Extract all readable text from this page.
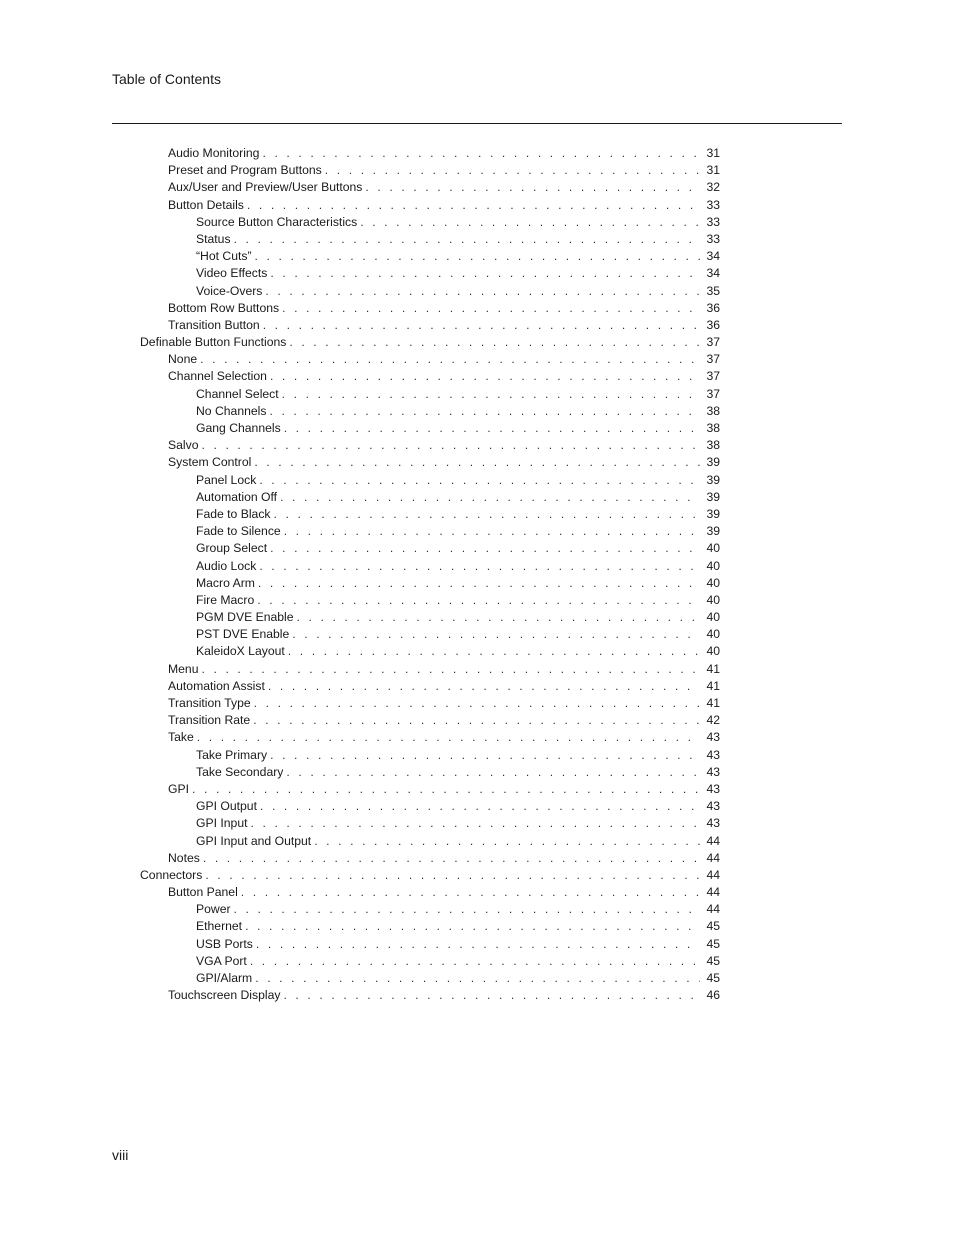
Table of Contents
Audio Monitoring . . .	31
Preset and Program Buttons . . .	31
Aux/User and Preview/User Buttons . . .	32
Button Details . . .	33
Source Button Characteristics . . .	33
Status . . .	33
“Hot Cuts” . . .	34
Video Effects . . .	34
Voice-Overs . . .	35
Bottom Row Buttons . . .	36
Transition Button . . .	36
Definable Button Functions . . .	37
None . . .	37
Channel Selection . . .	37
Channel Select . . .	37
No Channels . . .	38
Gang Channels . . .	38
Salvo . . .	38
System Control . . .	39
Panel Lock . . .	39
Automation Off . . .	39
Fade to Black . . .	39
Fade to Silence . . .	39
Group Select . . .	40
Audio Lock . . .	40
Macro Arm . . .	40
Fire Macro . . .	40
PGM DVE Enable . . .	40
PST DVE Enable . . .	40
KaleidoX Layout . . .	40
Menu . . .	41
Automation Assist . . .	41
Transition Type . . .	41
Transition Rate . . .	42
Take . . .	43
Take Primary . . .	43
Take Secondary . . .	43
GPI . . .	43
GPI Output . . .	43
GPI Input . . .	43
GPI Input and Output . . .	44
Notes . . .	44
Connectors . . .	44
Button Panel . . .	44
Power . . .	44
Ethernet . . .	45
USB Ports . . .	45
VGA Port . . .	45
GPI/Alarm . . .	45
Touchscreen Display . . .	46
viii
